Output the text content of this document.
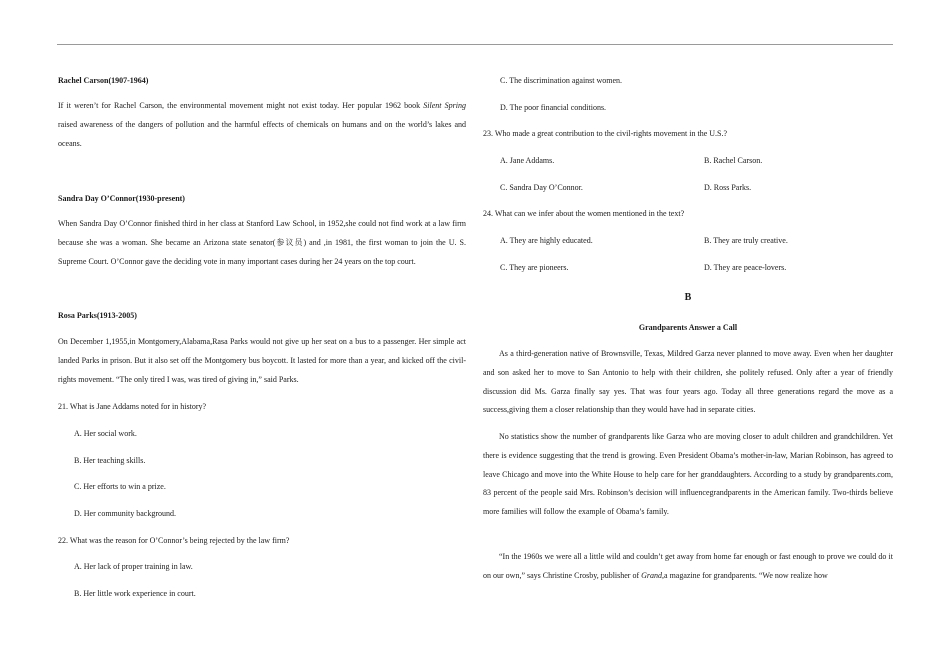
Rachel Carson(1907-1964)

If it weren’t for Rachel Carson, the environmental movement might not exist today. Her popular 1962 book Silent Spring raised awareness of the dangers of pollution and the harmful effects of chemicals on humans and on the world’s lakes and oceans.

Sandra Day O’Connor(1930-present)

When Sandra Day O’Connor finished third in her class at Stanford Law School, in 1952,she could not find work at a law firm because she was a woman. She became an Arizona state senator(参议员) and ,in 1981, the first woman to join the U. S. Supreme Court. O’Connor gave the deciding vote in many important cases during her 24 years on the top court.

Rosa Parks(1913-2005)

On December 1,1955,in Montgomery,Alabama,Rasa Parks would not give up her seat on a bus to a passenger. Her simple act landed Parks in prison. But it also set off the Montgomery bus boycott. It lasted for more than a year, and kicked off the civil-rights movement. “The only tired I was, was tired of giving in,” said Parks.

21. What is Jane Addams noted for in history?
A. Her social work.
B. Her teaching skills.
C. Her efforts to win a prize.
D. Her community background.
22. What was the reason for O’Connor’s being rejected by the law firm?
A. Her lack of proper training in law.
B. Her little work experience in court.
C. The discrimination against women.
D. The poor financial conditions.
23. Who made a great contribution to the civil-rights movement in the U.S.?
A. Jane Addams.	B. Rachel Carson.
C. Sandra Day O’Connor.	D. Ross Parks.
24. What can we infer about the women mentioned in the text?
A. They are highly educated.	B. They are truly creative.
C. They are pioneers.	D. They are peace-lovers.
B
Grandparents Answer a Call

As a third-generation native of Brownsville, Texas, Mildred Garza never planned to move away. Even when her daughter and son asked her to move to San Antonio to help with their children, she politely refused. Only after a year of friendly discussion did Ms. Garza finally say yes. That was four years ago. Today all three generations regard the move as a success,giving them a closer relationship than they would have had in separate cities.

No statistics show the number of grandparents like Garza who are moving closer to adult children and grandchildren. Yet there is evidence suggesting that the trend is growing. Even President Obama’s mother-in-law, Marian Robinson, has agreed to leave Chicago and move into the White House to help care for her granddaughters. According to a study by grandparents.com, 83 percent of the people said Mrs. Robinson’s decision will influencegrandparents in the American family. Two-thirds believe more families will follow the example of Obama’s family.

“In the 1960s we were all a little wild and couldn’t get away from home far enough or fast enough to prove we could do it on our own,” says Christine Crosby, publisher of Grand,a magazine for grandparents. “We now realize how
